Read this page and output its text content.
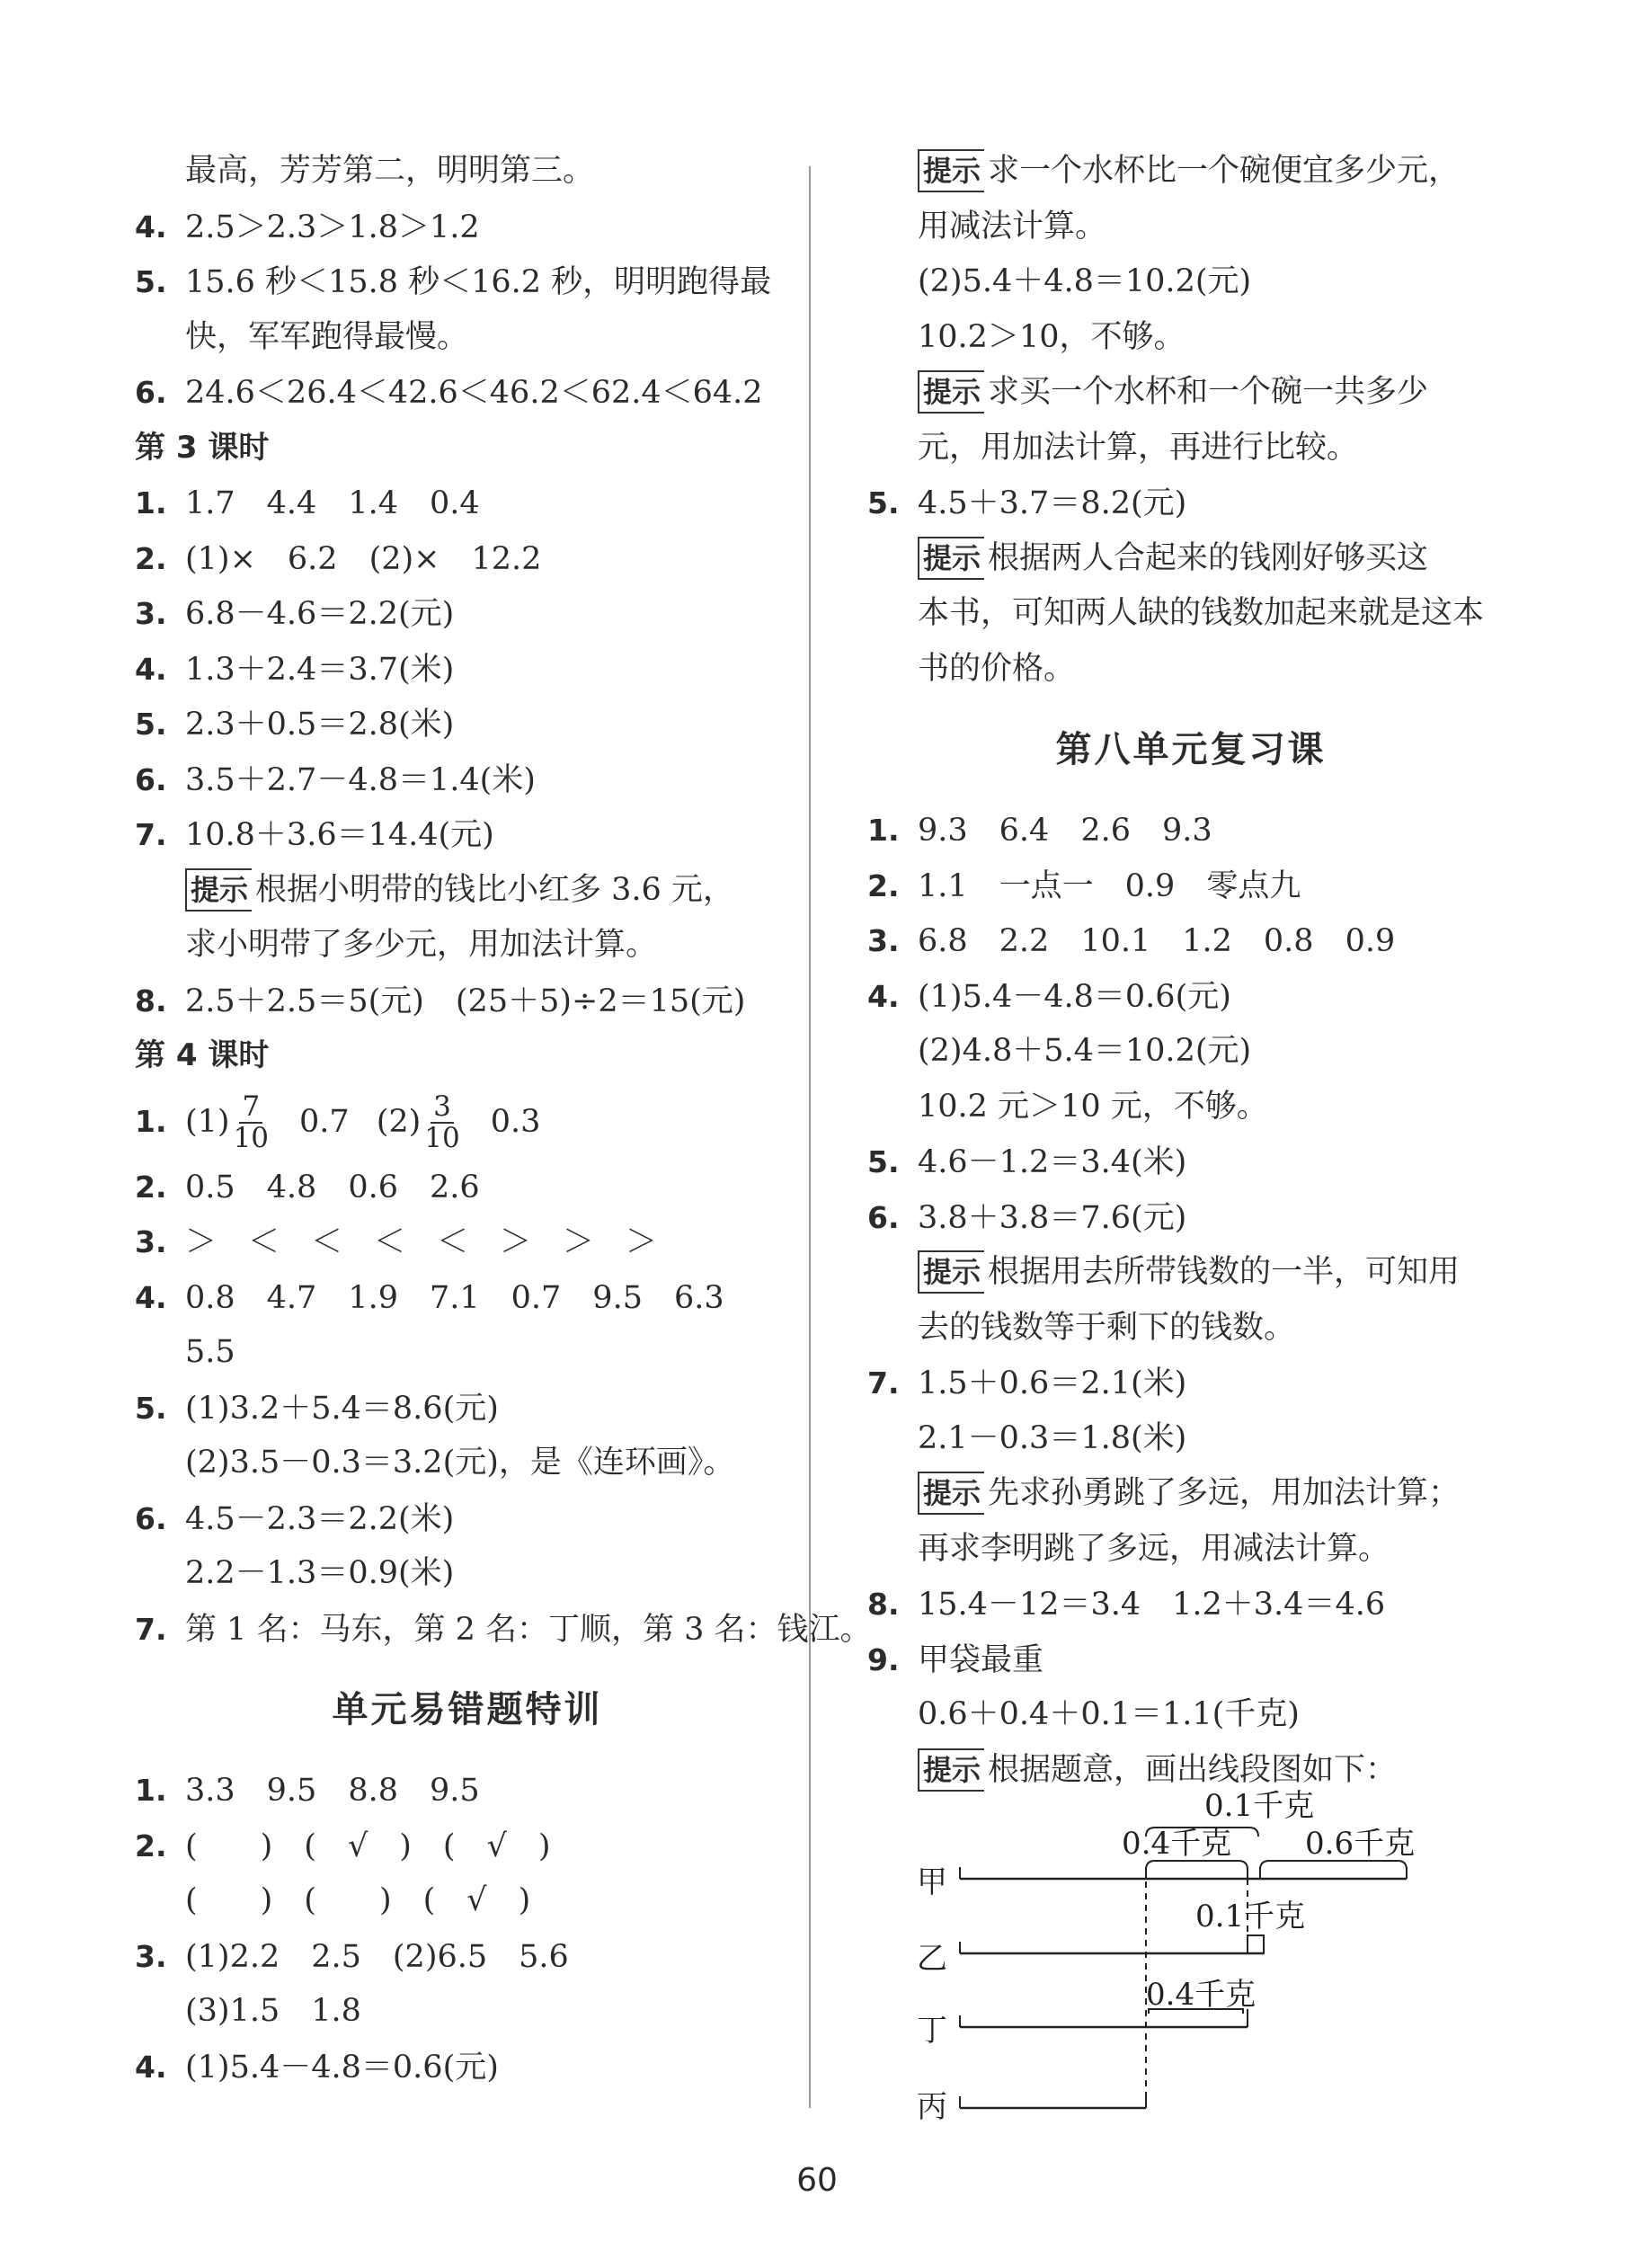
最高，芳芳第二，明明第三。
4. 2.5＞2.3＞1.8＞1.2
5. 15.6 秒＜15.8 秒＜16.2 秒，明明跑得最
快，军军跑得最慢。
6. 24.6＜26.4＜42.6＜46.2＜62.4＜64.2
第 3 课时
1. 1.7　4.4　1.4　0.4
2. (1)×　6.2　(2)×　12.2
3. 6.8－4.6＝2.2(元)
4. 1.3＋2.4＝3.7(米)
5. 2.3＋0.5＝2.8(米)
6. 3.5＋2.7－4.8＝1.4(米)
7. 10.8＋3.6＝14.4(元)
提示 根据小明带的钱比小红多 3.6 元，
求小明带了多少元，用加法计算。
8. 2.5＋2.5＝5(元)　(25＋5)÷2＝15(元)
第 4 课时
1. $(1) \frac{7}{10} 0.7$ $(2) \frac{3}{10} 0.3$
2. 0.5　4.8　0.6　2.6
3. ＞　＜　＜　＜　＜　＞　＞　＞
4. 0.8　4.7　1.9　7.1　0.7　9.5　6.3
5.5
5. (1)3.2＋5.4＝8.6(元)
(2)3.5－0.3＝3.2(元)，是《连环画》。
6. 4.5－2.3＝2.2(米)
2.2－1.3＝0.9(米)
7. 第 1 名：马东，第 2 名：丁顺，第 3 名：钱江。
单元易错题特训
1. 3.3　9.5　8.8　9.5
2. (　　)　(　√　)　(　√　)
(　　)　(　　)　(　√　)
3. (1)2.2　2.5　(2)6.5　5.6
(3)1.5　1.8
4. (1)5.4－4.8＝0.6(元)
提示 求一个水杯比一个碗便宜多少元，
用减法计算。
(2)5.4＋4.8＝10.2(元)
10.2＞10，不够。
提示 求买一个水杯和一个碗一共多少
元，用加法计算，再进行比较。
5. 4.5＋3.7＝8.2(元)
提示 根据两人合起来的钱刚好够买这
本书，可知两人缺的钱数加起来就是这本
书的价格。
第八单元复习课
1. 9.3　6.4　2.6　9.3
2. 1.1　一点一　0.9　零点九
3. 6.8　2.2　10.1　1.2　0.8　0.9
4. (1)5.4－4.8＝0.6(元)
(2)4.8＋5.4＝10.2(元)
10.2 元＞10 元，不够。
5. 4.6－1.2＝3.4(米)
6. 3.8＋3.8＝7.6(元)
提示 根据用去所带钱数的一半，可知用
去的钱数等于剩下的钱数。
7. 1.5＋0.6＝2.1(米)
2.1－0.3＝1.8(米)
提示 先求孙勇跳了多远，用加法计算；
再求李明跳了多远，用减法计算。
8. 15.4－12＝3.4　1.2＋3.4＝4.6
9. 甲袋最重
0.6＋0.4＋0.1＝1.1(千克)
提示 根据题意，画出线段图如下：
甲
乙
丁
丙
0.1千克
0.4千克 0.6千克
0.1千克
0.4千克
60
